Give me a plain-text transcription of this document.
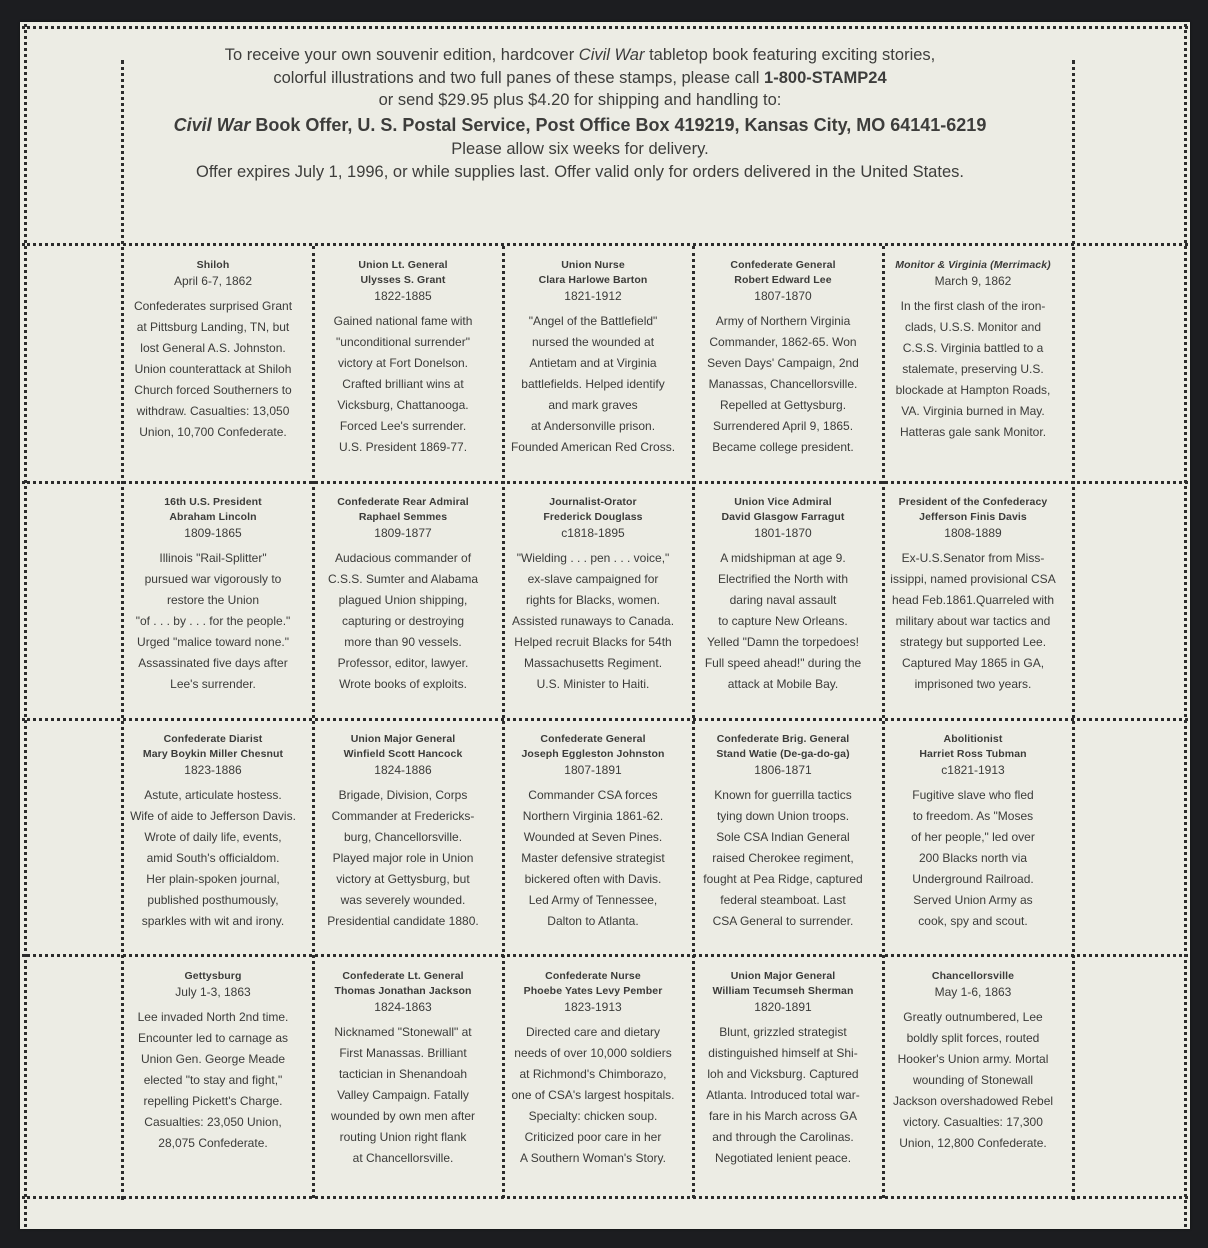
To receive your own souvenir edition, hardcover Civil War tabletop book featuring exciting stories,
colorful illustrations and two full panes of these stamps, please call 1-800-STAMP24
or send $29.95 plus $4.20 for shipping and handling to:
Civil War Book Offer, U. S. Postal Service, Post Office Box 419219, Kansas City, MO 64141-6219
Please allow six weeks for delivery.
Offer expires July 1, 1996, or while supplies last. Offer valid only for orders delivered in the United States.
Shiloh
April 6-7, 1862
Confederates surprised Grant
at Pittsburg Landing, TN, but
lost General A.S. Johnston.
Union counterattack at Shiloh
Church forced Southerners to
withdraw. Casualties: 13,050
Union, 10,700 Confederate.
Union Lt. General
Ulysses S. Grant
1822-1885
Gained national fame with
"unconditional surrender"
victory at Fort Donelson.
Crafted brilliant wins at
Vicksburg, Chattanooga.
Forced Lee's surrender.
U.S. President 1869-77.
Union Nurse
Clara Harlowe Barton
1821-1912
"Angel of the Battlefield"
nursed the wounded at
Antietam and at Virginia
battlefields. Helped identify
and mark graves
at Andersonville prison.
Founded American Red Cross.
Confederate General
Robert Edward Lee
1807-1870
Army of Northern Virginia
Commander, 1862-65. Won
Seven Days' Campaign, 2nd
Manassas, Chancellorsville.
Repelled at Gettysburg.
Surrendered April 9, 1865.
Became college president.
Monitor & Virginia (Merrimack)
March 9, 1862
In the first clash of the iron-
clads, U.S.S. Monitor and
C.S.S. Virginia battled to a
stalemate, preserving U.S.
blockade at Hampton Roads,
VA. Virginia burned in May.
Hatteras gale sank Monitor.
16th U.S. President
Abraham Lincoln
1809-1865
Illinois "Rail-Splitter"
pursued war vigorously to
restore the Union
"of . . . by . . . for the people."
Urged "malice toward none."
Assassinated five days after
Lee's surrender.
Confederate Rear Admiral
Raphael Semmes
1809-1877
Audacious commander of
C.S.S. Sumter and Alabama
plagued Union shipping,
capturing or destroying
more than 90 vessels.
Professor, editor, lawyer.
Wrote books of exploits.
Journalist-Orator
Frederick Douglass
c1818-1895
"Wielding . . . pen . . . voice,"
ex-slave campaigned for
rights for Blacks, women.
Assisted runaways to Canada.
Helped recruit Blacks for 54th
Massachusetts Regiment.
U.S. Minister to Haiti.
Union Vice Admiral
David Glasgow Farragut
1801-1870
A midshipman at age 9.
Electrified the North with
daring naval assault
to capture New Orleans.
Yelled "Damn the torpedoes!
Full speed ahead!" during the
attack at Mobile Bay.
President of the Confederacy
Jefferson Finis Davis
1808-1889
Ex-U.S.Senator from Miss-
issippi, named provisional CSA
head Feb.1861.Quarreled with
military about war tactics and
strategy but supported Lee.
Captured May 1865 in GA,
imprisoned two years.
Confederate Diarist
Mary Boykin Miller Chesnut
1823-1886
Astute, articulate hostess.
Wife of aide to Jefferson Davis.
Wrote of daily life, events,
amid South's officialdom.
Her plain-spoken journal,
published posthumously,
sparkles with wit and irony.
Union Major General
Winfield Scott Hancock
1824-1886
Brigade, Division, Corps
Commander at Fredericks-
burg, Chancellorsville.
Played major role in Union
victory at Gettysburg, but
was severely wounded.
Presidential candidate 1880.
Confederate General
Joseph Eggleston Johnston
1807-1891
Commander CSA forces
Northern Virginia 1861-62.
Wounded at Seven Pines.
Master defensive strategist
bickered often with Davis.
Led Army of Tennessee,
Dalton to Atlanta.
Confederate Brig. General
Stand Watie (De-ga-do-ga)
1806-1871
Known for guerrilla tactics
tying down Union troops.
Sole CSA Indian General
raised Cherokee regiment,
fought at Pea Ridge, captured
federal steamboat. Last
CSA General to surrender.
Abolitionist
Harriet Ross Tubman
c1821-1913
Fugitive slave who fled
to freedom. As "Moses
of her people," led over
200 Blacks north via
Underground Railroad.
Served Union Army as
cook, spy and scout.
Gettysburg
July 1-3, 1863
Lee invaded North 2nd time.
Encounter led to carnage as
Union Gen. George Meade
elected "to stay and fight,"
repelling Pickett's Charge.
Casualties: 23,050 Union,
28,075 Confederate.
Confederate Lt. General
Thomas Jonathan Jackson
1824-1863
Nicknamed "Stonewall" at
First Manassas. Brilliant
tactician in Shenandoah
Valley Campaign. Fatally
wounded by own men after
routing Union right flank
at Chancellorsville.
Confederate Nurse
Phoebe Yates Levy Pember
1823-1913
Directed care and dietary
needs of over 10,000 soldiers
at Richmond's Chimborazo,
one of CSA's largest hospitals.
Specialty: chicken soup.
Criticized poor care in her
A Southern Woman's Story.
Union Major General
William Tecumseh Sherman
1820-1891
Blunt, grizzled strategist
distinguished himself at Shi-
loh and Vicksburg. Captured
Atlanta. Introduced total war-
fare in his March across GA
and through the Carolinas.
Negotiated lenient peace.
Chancellorsville
May 1-6, 1863
Greatly outnumbered, Lee
boldly split forces, routed
Hooker's Union army. Mortal
wounding of Stonewall
Jackson overshadowed Rebel
victory. Casualties: 17,300
Union, 12,800 Confederate.
